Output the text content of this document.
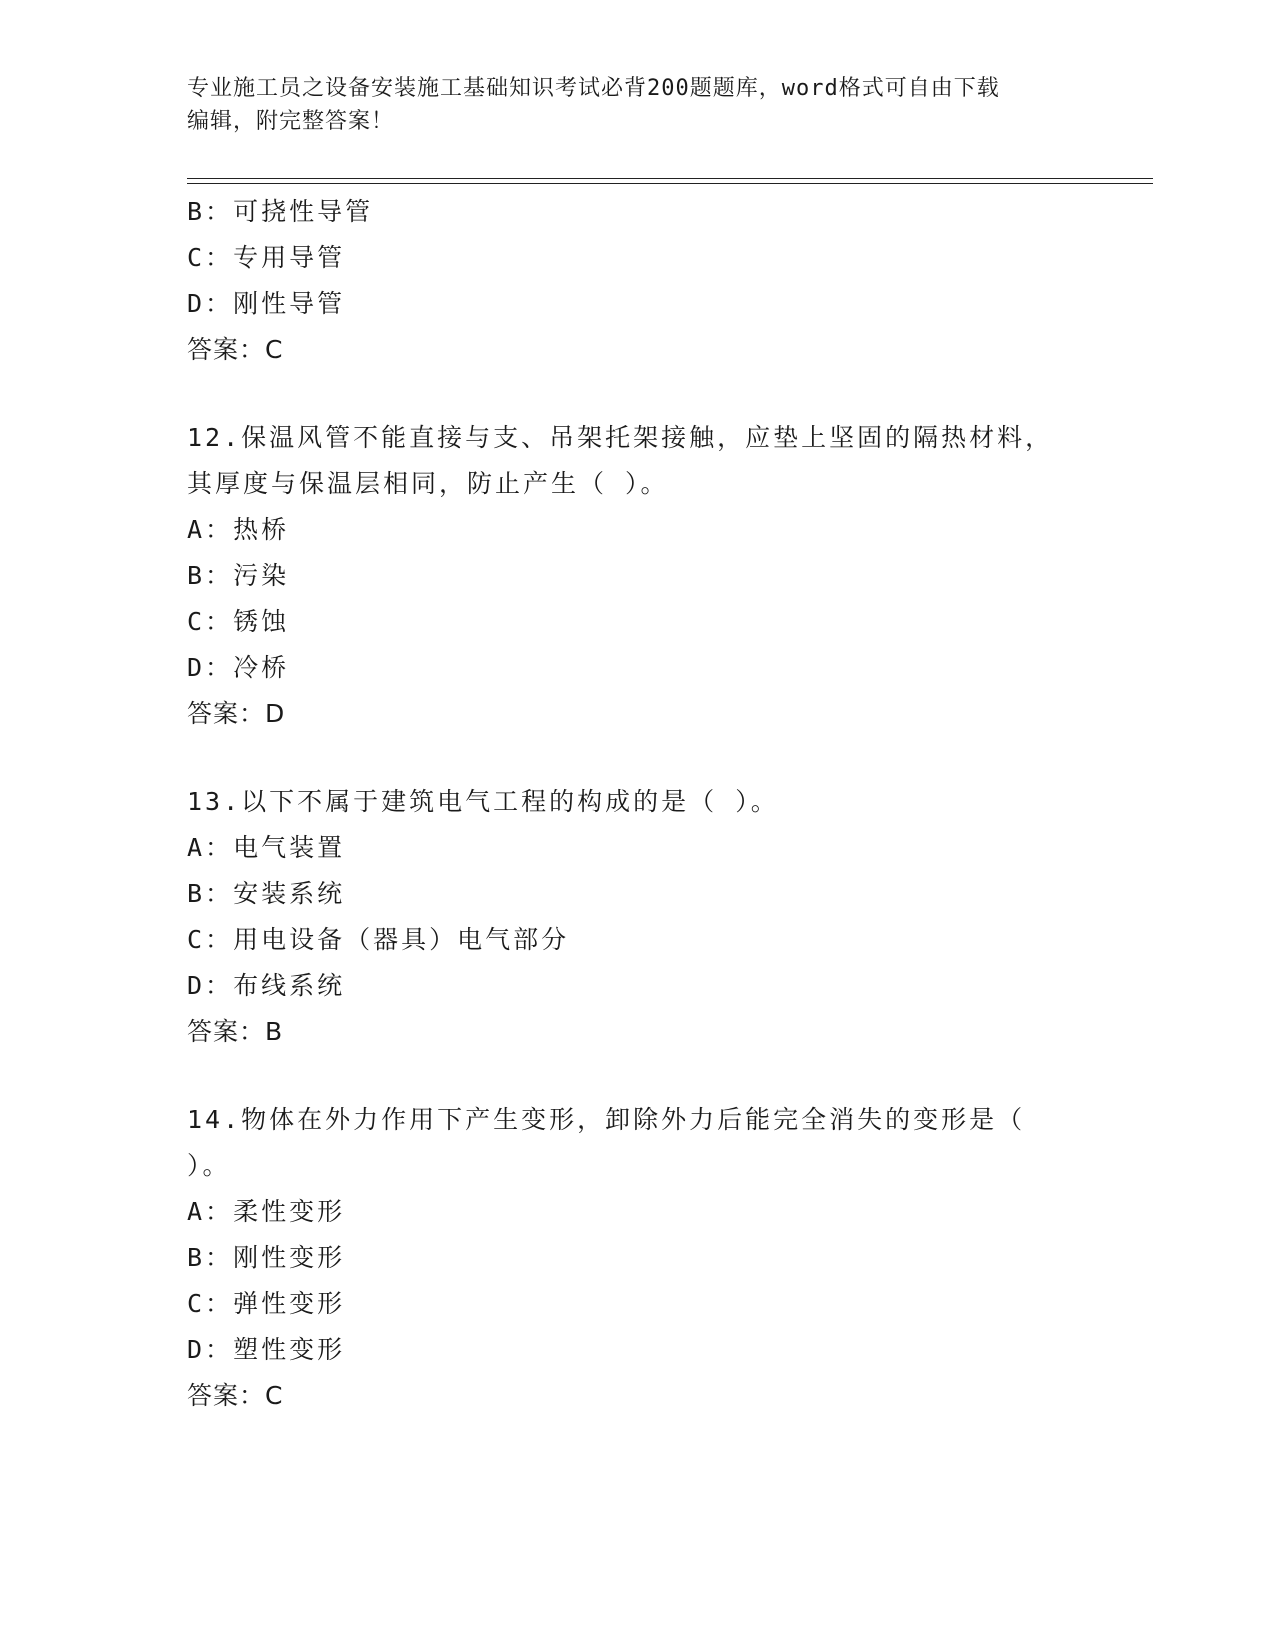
专业施工员之设备安装施工基础知识考试必背200题题库，word格式可自由下载
编辑，附完整答案！
B：可挠性导管
C：专用导管
D：刚性导管
答案：C
12.保温风管不能直接与支、吊架托架接触，应垫上坚固的隔热材料，
其厚度与保温层相同，防止产生（ ）。
A：热桥
B：污染
C：锈蚀
D：冷桥
答案：D
13.以下不属于建筑电气工程的构成的是（ ）。
A：电气装置
B：安装系统
C：用电设备（器具）电气部分
D：布线系统
答案：B
14.物体在外力作用下产生变形，卸除外力后能完全消失的变形是（
）。
A：柔性变形
B：刚性变形
C：弹性变形
D：塑性变形
答案：C
